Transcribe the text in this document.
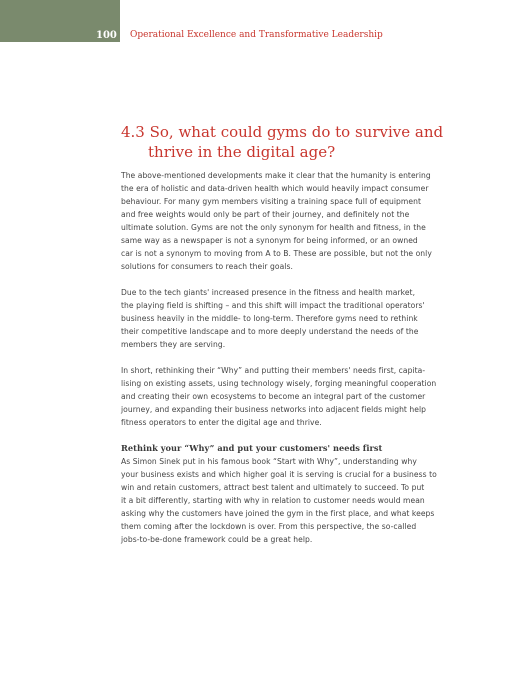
100 Operational Excellence and Transformative Leadership
4.3 So, what could gyms do to survive and
thrive in the digital age?

The above-mentioned developments make it clear that the humanity is entering
the era of holistic and data-driven health which would heavily impact consumer
behaviour. For many gym members visiting a training space full of equipment
and free weights would only be part of their journey, and definitely not the
ultimate solution. Gyms are not the only synonym for health and fitness, in the
same way as a newspaper is not a synonym for being informed, or an owned
car is not a synonym to moving from A to B. These are possible, but not the only
solutions for consumers to reach their goals.

Due to the tech giants' increased presence in the fitness and health market,
the playing field is shifting – and this shift will impact the traditional operators'
business heavily in the middle- to long-term. Therefore gyms need to rethink
their competitive landscape and to more deeply understand the needs of the
members they are serving.

In short, rethinking their “Why” and putting their members' needs first, capita-
lising on existing assets, using technology wisely, forging meaningful cooperation
and creating their own ecosystems to become an integral part of the customer
journey, and expanding their business networks into adjacent fields might help
fitness operators to enter the digital age and thrive.

Rethink your “Why” and put your customers' needs first
As Simon Sinek put in his famous book “Start with Why”, understanding why
your business exists and which higher goal it is serving is crucial for a business to
win and retain customers, attract best talent and ultimately to succeed. To put
it a bit differently, starting with why in relation to customer needs would mean
asking why the customers have joined the gym in the first place, and what keeps
them coming after the lockdown is over. From this perspective, the so-called
jobs-to-be-done framework could be a great help.
